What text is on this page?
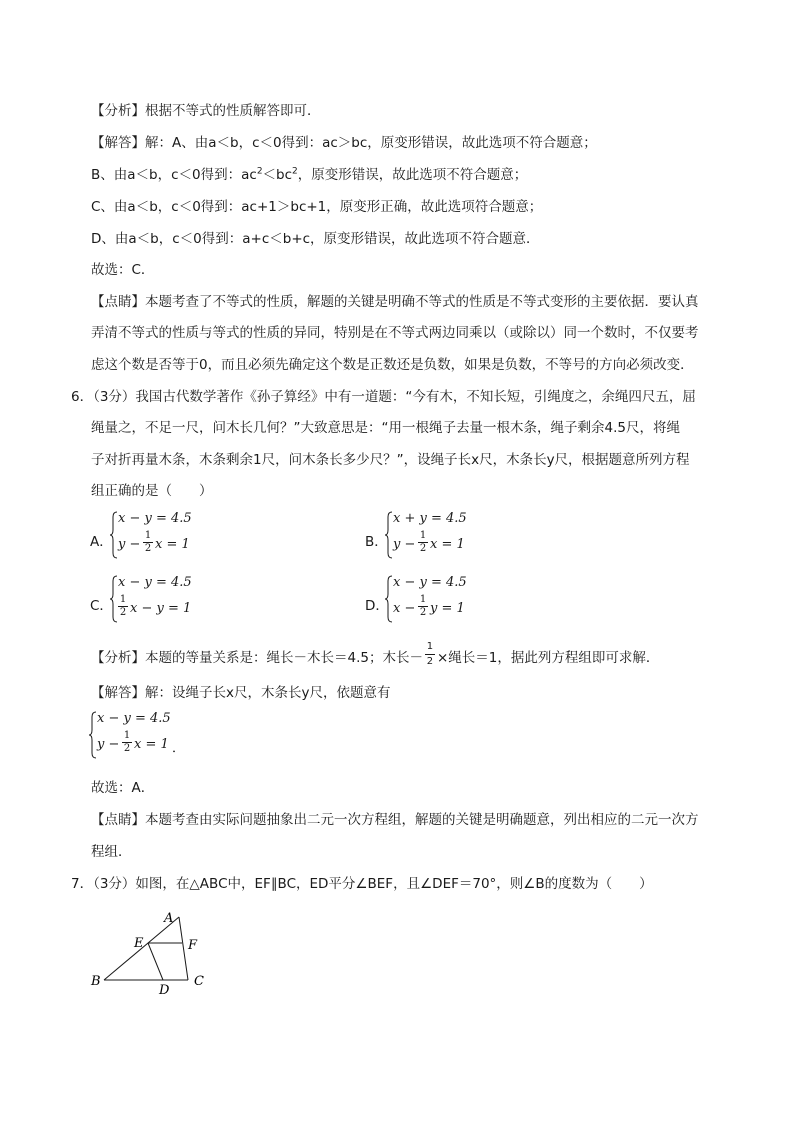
【分析】根据不等式的性质解答即可．
【解答】解：A、由a＜b，c＜0得到：ac＞bc，原变形错误，故此选项不符合题意；
B、由a＜b，c＜0得到：$ac^2<bc^2$，原变形错误，故此选项不符合题意；
C、由a＜b，c＜0得到：ac+1＞bc+1，原变形正确，故此选项符合题意；
D、由a＜b，c＜0得到：a+c＜b+c，原变形错误，故此选项不符合题意．
故选：C．
【点睛】本题考查了不等式的性质，解题的关键是明确不等式的性质是不等式变形的主要依据．要认真
弄清不等式的性质与等式的性质的异同，特别是在不等式两边同乘以（或除以）同一个数时，不仅要考
虑这个数是否等于0，而且必须先确定这个数是正数还是负数，如果是负数，不等号的方向必须改变．
6．（3分）我国古代数学著作《孙子算经》中有一道题：“今有木，不知长短，引绳度之，余绳四尺五，屈
绳量之，不足一尺，问木长几何？”大致意思是：“用一根绳子去量一根木条，绳子剩余4.5尺，将绳
子对折再量木条，木条剩余1尺，问木条长多少尺？”，设绳子长x尺，木条长y尺，根据题意所列方程
组正确的是（　　）
A．
x − y = 4.5
y −
1
2 x = 1	B．
x + y = 4.5
y −
1
2 x = 1
C．
x − y = 4.5
1
2 x − y = 1	D．
x − y = 4.5
x −
1
2 y = 1
【分析】本题的等量关系是：绳长－木长＝4.5；木长－
1
2 ×绳长＝1，据此列方程组即可求解．
【解答】解：设绳子长x尺，木条长y尺，依题意有
x − y = 4.5
y −
1
2 x = 1 ．
故选：A．
【点睛】本题考查由实际问题抽象出二元一次方程组，解题的关键是明确题意，列出相应的二元一次方
程组．
7．（3分）如图，在△ABC中，EF∥BC，ED平分∠BEF，且∠DEF＝70°，则∠B的度数为（　　）
A
E	F
B
D
C
